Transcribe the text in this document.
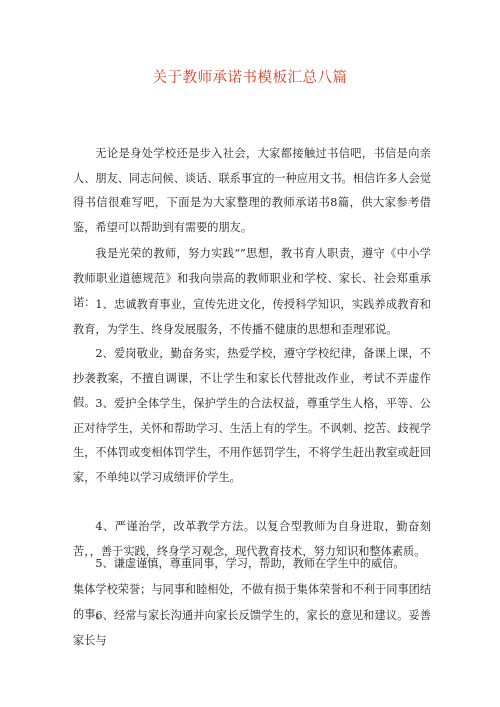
关于教师承诺书模板汇总八篇

无论是身处学校还是步入社会，大家都接触过书信吧，书信是向亲人、朋友、同志问候、谈话、联系事宜的一种应用文书。相信许多人会觉得书信很难写吧，下面是为大家整理的教师承诺书8篇，供大家参考借鉴，希望可以帮助到有需要的朋友。

我是光荣的教师，努力实践“”思想，教书育人职责，遵守《中小学教师职业道德规范》和我向崇高的教师职业和学校、家长、社会郑重承诺： 1、忠诚教育事业，宣传先进文化，传授科学知识，实践养成教育和教育，为学生、终身发展服务，不传播不健康的思想和歪理邪说。

2、爱岗敬业，勤奋务实，热爱学校，遵守学校纪律，备课上课，不抄袭教案，不擅自调课，不让学生和家长代替批改作业，考试不弄虚作假。 3、爱护全体学生，保护学生的合法权益，尊重学生人格，平等、公正对待学生，关怀和帮助学习、生活上有的学生。不讽刺、挖苦、歧视学生，不体罚或变相体罚学生，不用作惩罚学生，不将学生赶出教室或赶回家，不单纯以学习成绩评价学生。

4、严谨治学，改革教学方法。以复合型教师为自身进取，勤奋刻苦，，善于实践，终身学习观念，现代教育技术，努力知识和整体素质。

5、谦虚谨慎，尊重同事，学习，帮助，教师在学生中的威信。

集体学校荣誉；与同事和睦相处，不做有损于集体荣誉和不利于同事团结的事。

6、经常与家长沟通并向家长反馈学生的，家长的意见和建议。妥善家长与
